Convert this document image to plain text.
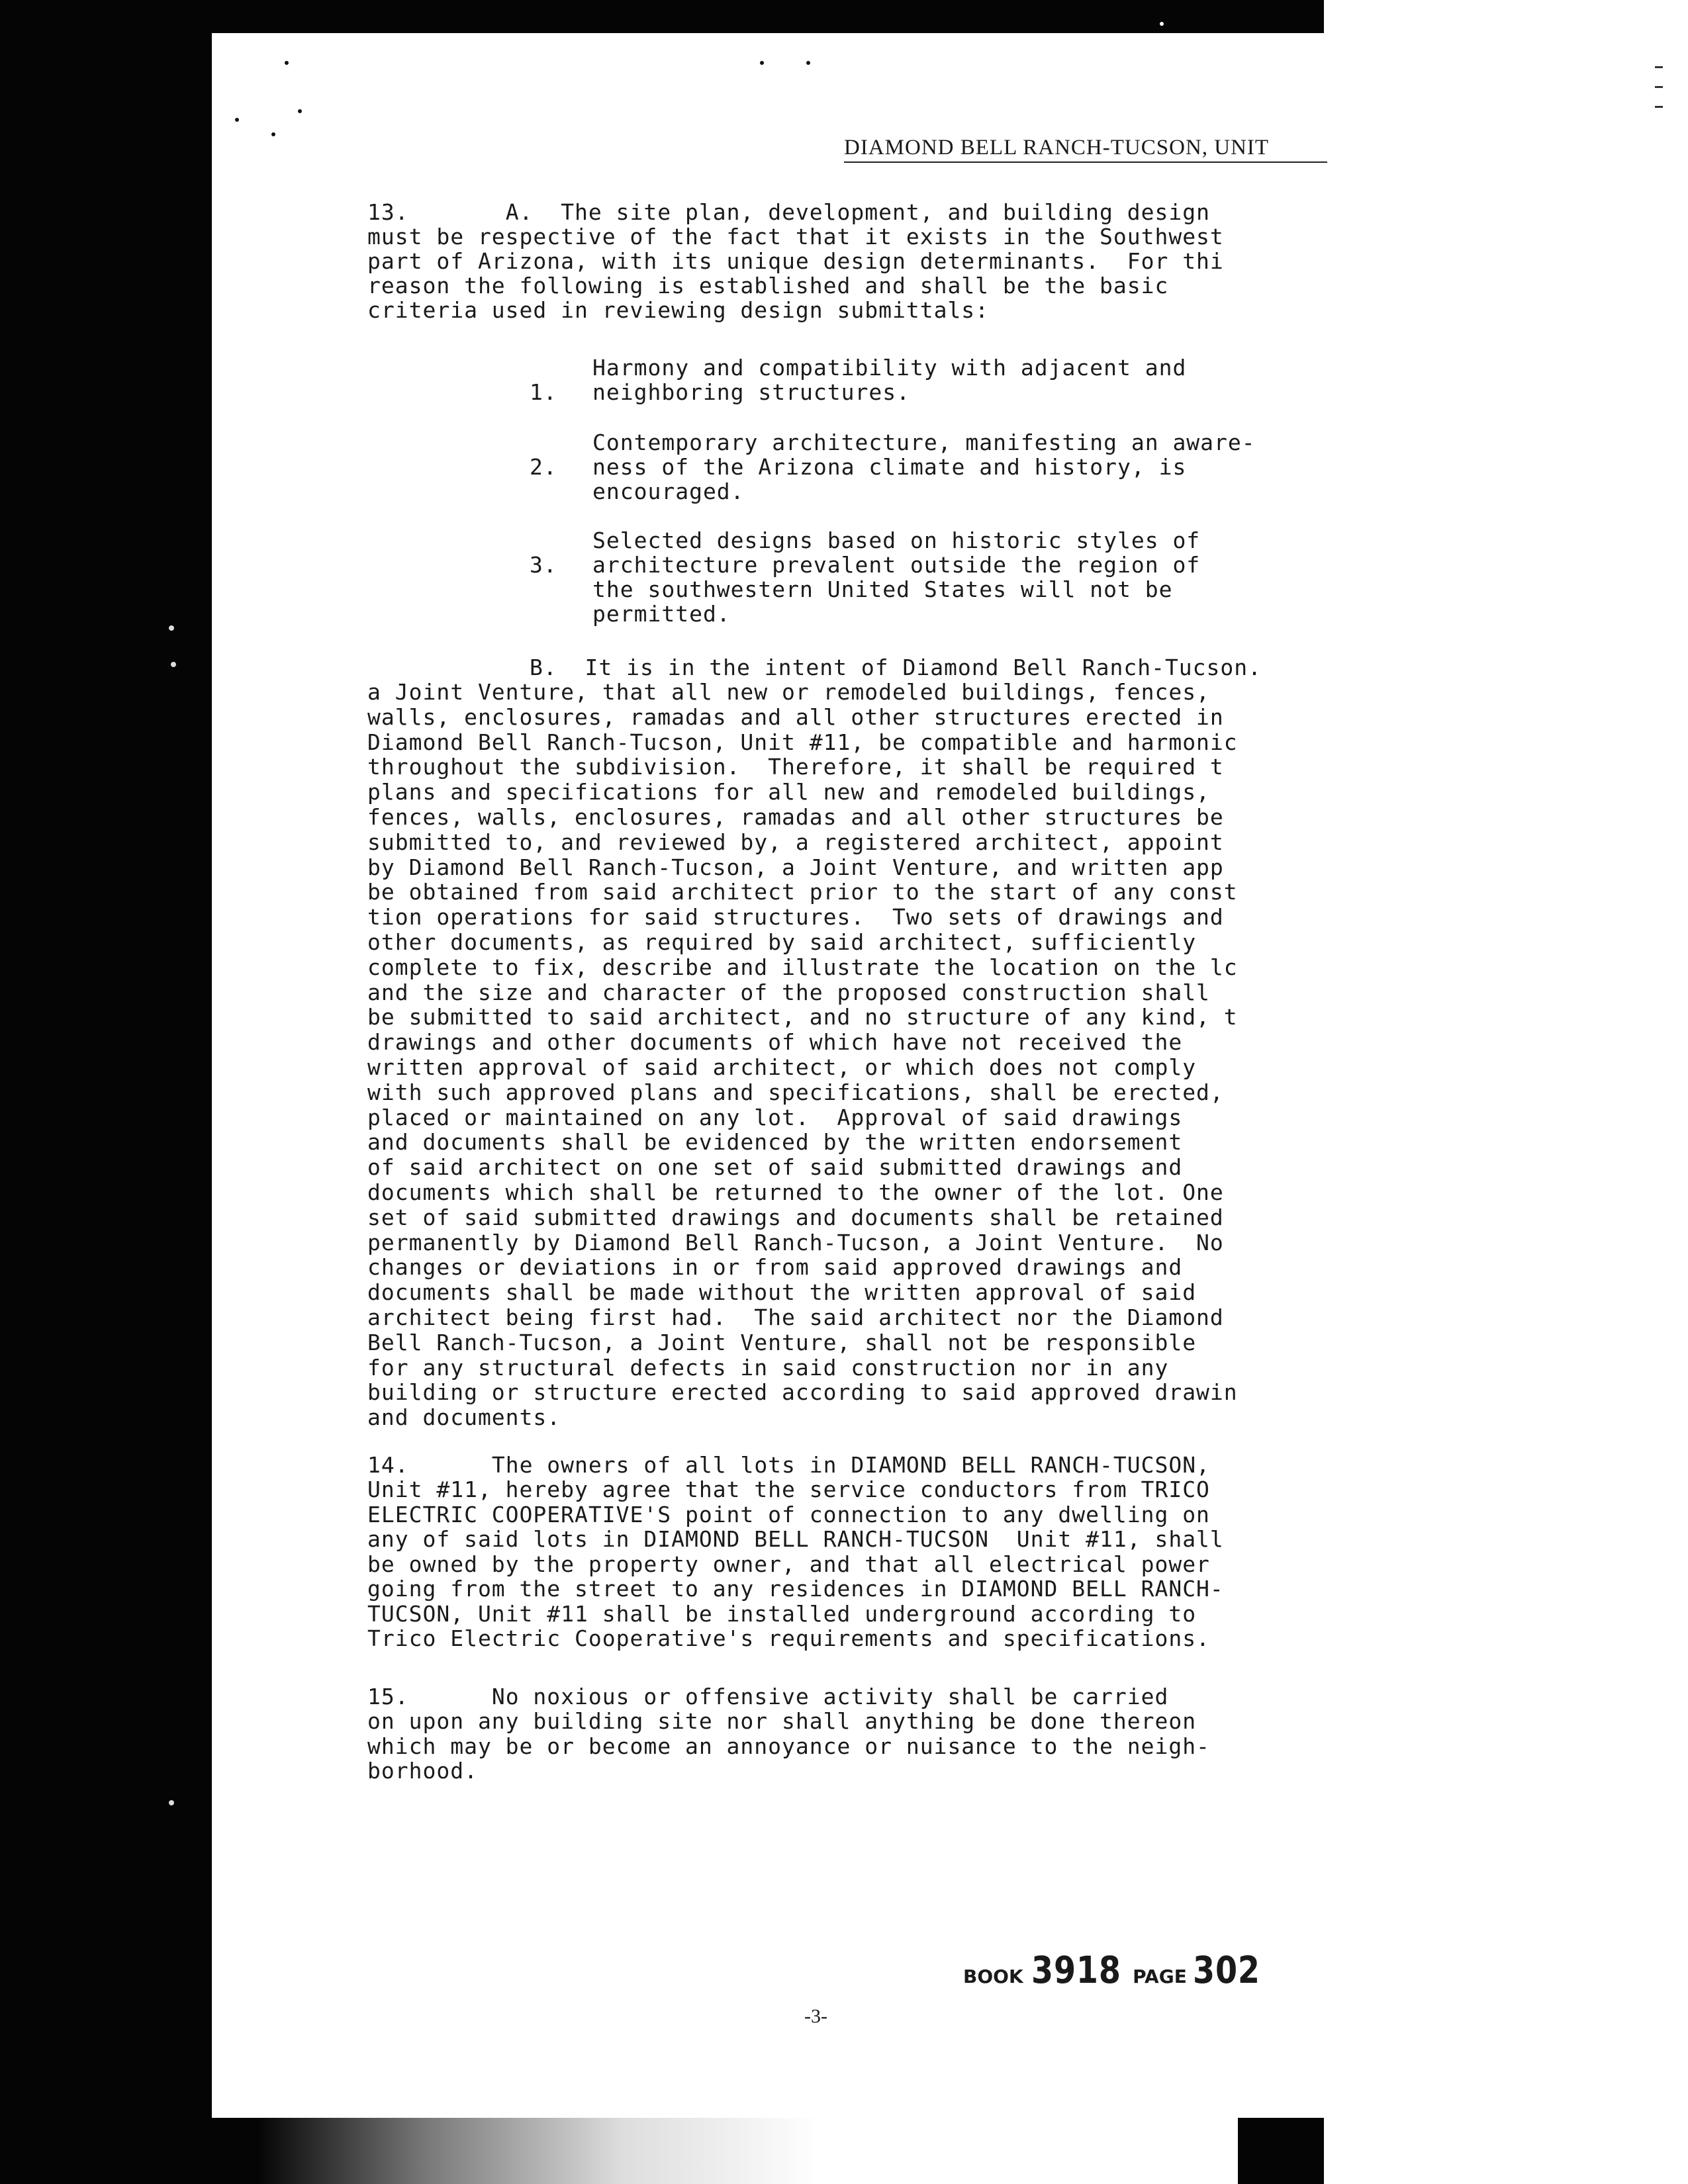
DIAMOND BELL RANCH-TUCSON, UNIT
13.	A. The site plan, development, and building design
must be respective of the fact that it exists in the Southwest
part of Arizona, with its unique design determinants.  For thi
reason the following is established and shall be the basic
criteria used in reviewing design submittals:

1.

Harmony and compatibility with adjacent and

neighboring structures.

2.

Contemporary architecture, manifesting an aware-

ness of the Arizona climate and history, is

encouraged.

3.

Selected designs based on historic styles of

architecture prevalent outside the region of

the southwestern United States will not be

permitted.

B. It is in the intent of Diamond Bell Ranch-Tucson.
a Joint Venture, that all new or remodeled buildings, fences,
walls, enclosures, ramadas and all other structures erected in
Diamond Bell Ranch-Tucson, Unit #11, be compatible and harmonic
throughout the subdivision.  Therefore, it shall be required t
plans and specifications for all new and remodeled buildings,
fences, walls, enclosures, ramadas and all other structures be
submitted to, and reviewed by, a registered architect, appoint
by Diamond Bell Ranch-Tucson, a Joint Venture, and written app
be obtained from said architect prior to the start of any const
tion operations for said structures.  Two sets of drawings and
other documents, as required by said architect, sufficiently
complete to fix, describe and illustrate the location on the lc
and the size and character of the proposed construction shall
be submitted to said architect, and no structure of any kind, t
drawings and other documents of which have not received the
written approval of said architect, or which does not comply
with such approved plans and specifications, shall be erected,
placed or maintained on any lot.  Approval of said drawings
and documents shall be evidenced by the written endorsement
of said architect on one set of said submitted drawings and
documents which shall be returned to the owner of the lot. One
set of said submitted drawings and documents shall be retained
permanently by Diamond Bell Ranch-Tucson, a Joint Venture.  No
changes or deviations in or from said approved drawings and
documents shall be made without the written approval of said
architect being first had.  The said architect nor the Diamond
Bell Ranch-Tucson, a Joint Venture, shall not be responsible
for any structural defects in said construction nor in any
building or structure erected according to said approved drawin
and documents.
14.	The owners of all lots in DIAMOND BELL RANCH-TUCSON,
Unit #11, hereby agree that the service conductors from TRICO
ELECTRIC COOPERATIVE'S point of connection to any dwelling on
any of said lots in DIAMOND BELL RANCH-TUCSON  Unit #11, shall
be owned by the property owner, and that all electrical power
going from the street to any residences in DIAMOND BELL RANCH-
TUCSON, Unit #11 shall be installed underground according to
Trico Electric Cooperative's requirements and specifications.
15.	No noxious or offensive activity shall be carried
on upon any building site nor shall anything be done thereon
which may be or become an annoyance or nuisance to the neigh-
borhood.
BOOK 3918 PAGE 302
-3-
